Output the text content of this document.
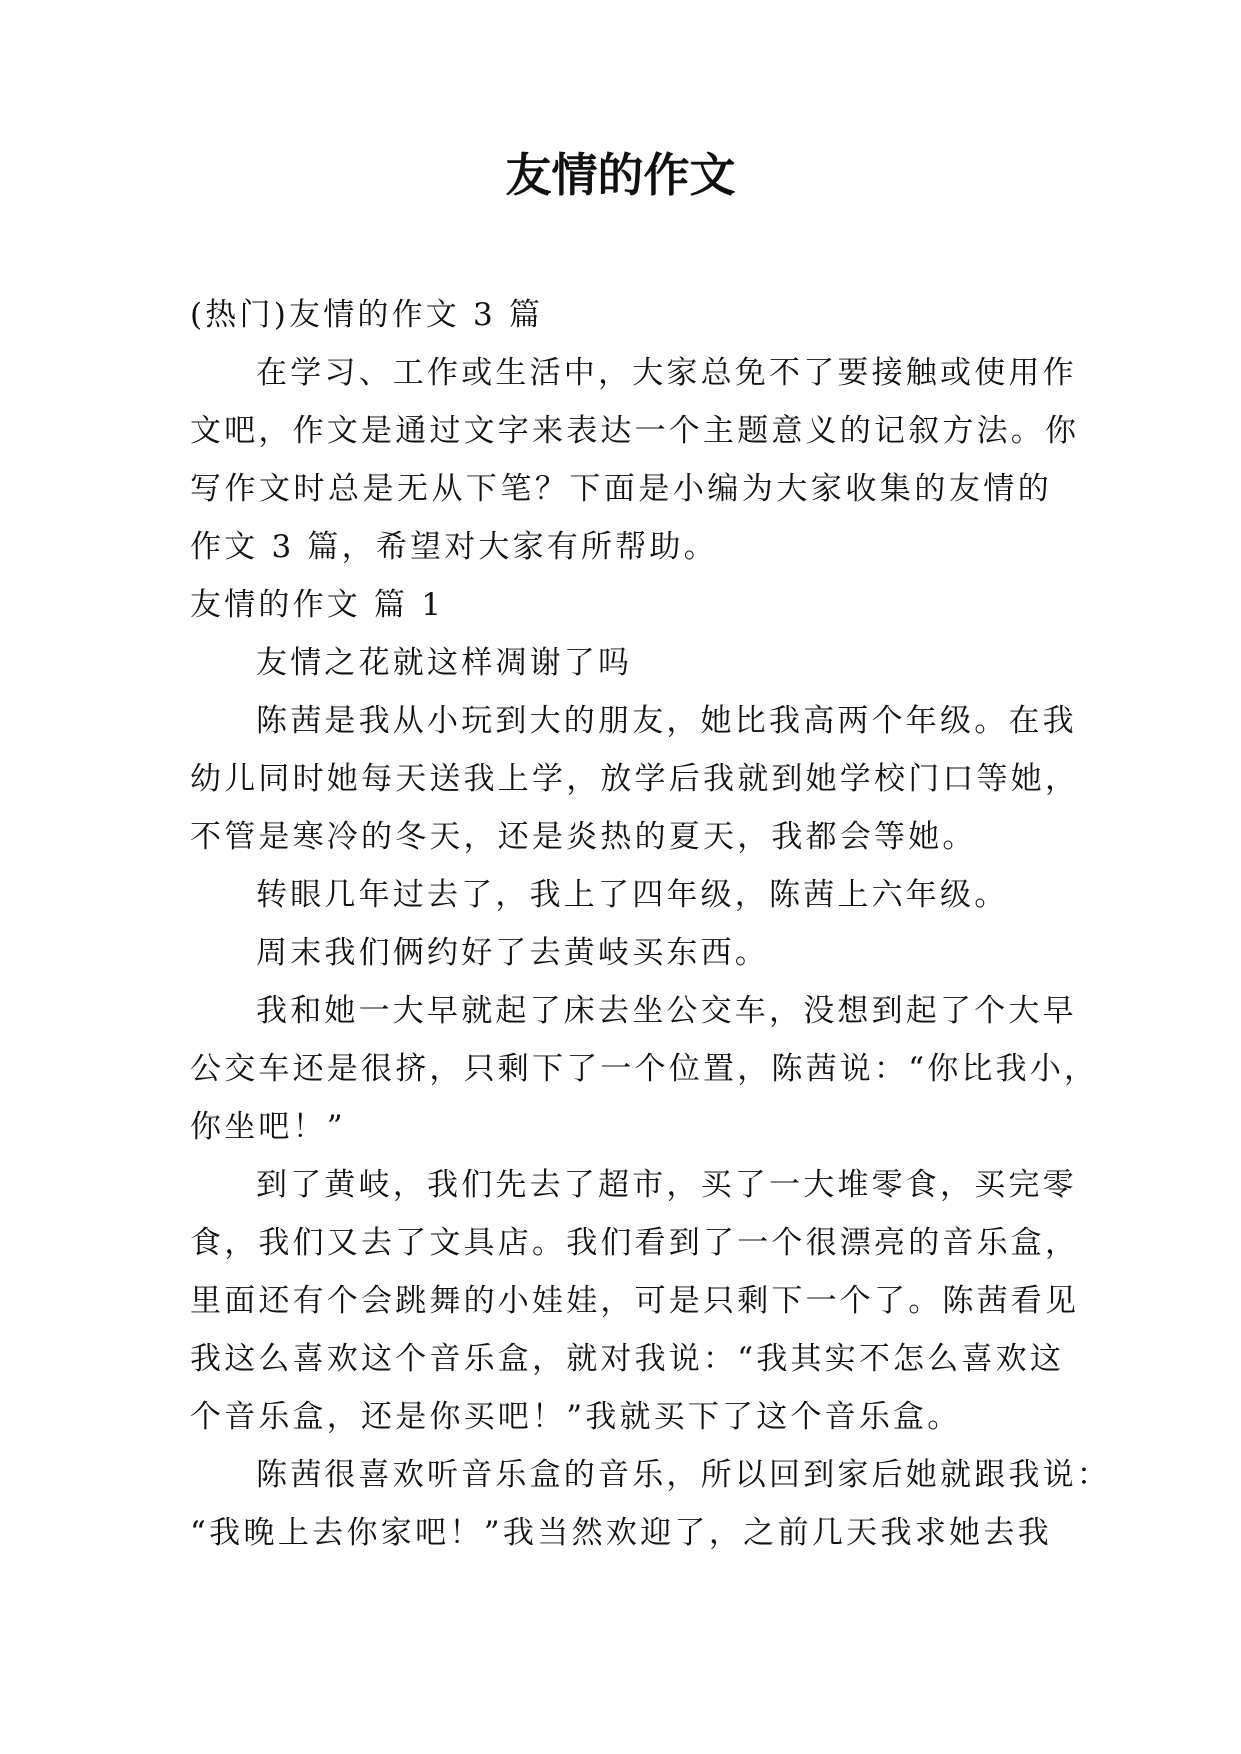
友情的作文

(热门)友情的作文 3 篇

在学习、工作或生活中，大家总免不了要接触或使用作

文吧，作文是通过文字来表达一个主题意义的记叙方法。你

写作文时总是无从下笔？下面是小编为大家收集的友情的

作文 3 篇，希望对大家有所帮助。

友情的作文 篇 1

友情之花就这样凋谢了吗

陈茜是我从小玩到大的朋友，她比我高两个年级。在我

幼儿同时她每天送我上学，放学后我就到她学校门口等她，

不管是寒冷的冬天，还是炎热的夏天，我都会等她。

转眼几年过去了，我上了四年级，陈茜上六年级。

周末我们俩约好了去黄岐买东西。

我和她一大早就起了床去坐公交车，没想到起了个大早

公交车还是很挤，只剩下了一个位置，陈茜说：“你比我小，

你坐吧！”

到了黄岐，我们先去了超市，买了一大堆零食，买完零

食，我们又去了文具店。我们看到了一个很漂亮的音乐盒，

里面还有个会跳舞的小娃娃，可是只剩下一个了。陈茜看见

我这么喜欢这个音乐盒，就对我说：“我其实不怎么喜欢这

个音乐盒，还是你买吧！”我就买下了这个音乐盒。

陈茜很喜欢听音乐盒的音乐，所以回到家后她就跟我说：

“我晚上去你家吧！”我当然欢迎了，之前几天我求她去我
